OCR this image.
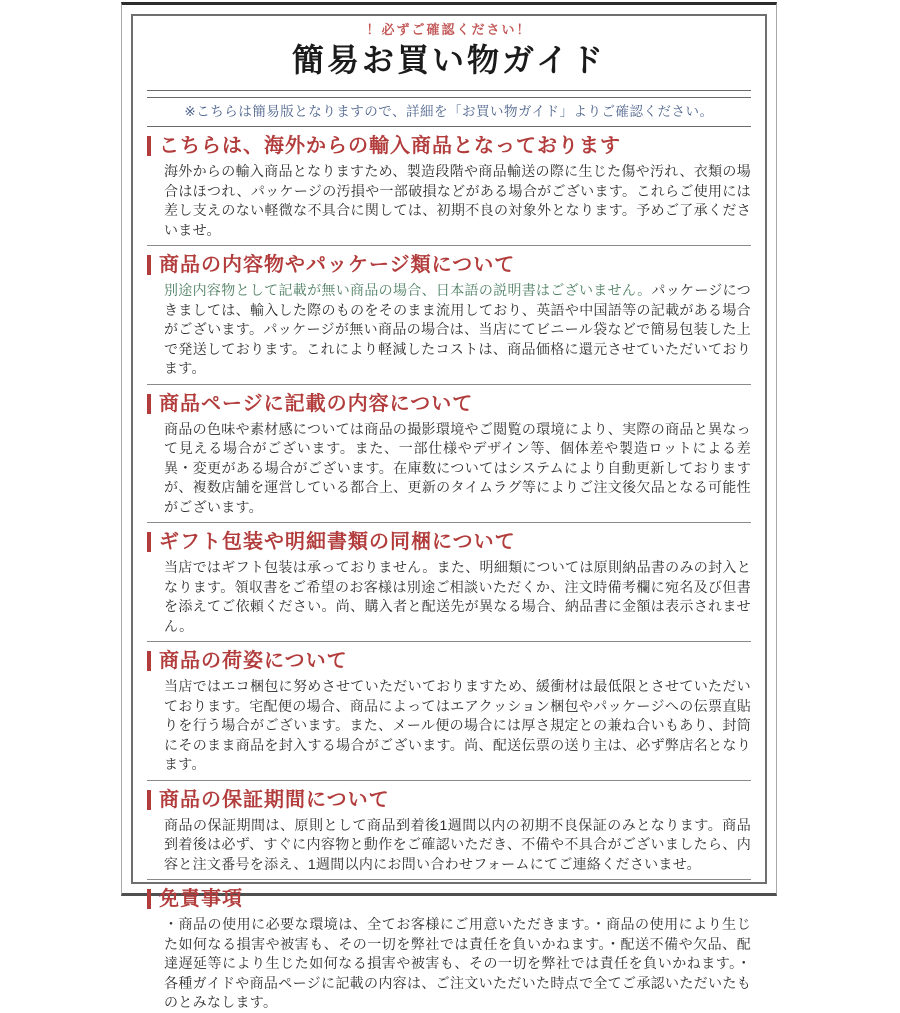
！必ずご確認ください！
簡易お買い物ガイド
※こちらは簡易版となりますので、詳細を「お買い物ガイド」よりご確認ください。
こちらは、海外からの輸入商品となっております
海外からの輸入商品となりますため、製造段階や商品輸送の際に生じた傷や汚れ、衣類の場合はほつれ、パッケージの汚損や一部破損などがある場合がございます。これらご使用には差し支えのない軽微な不具合に関しては、初期不良の対象外となります。予めご了承くださいませ。
商品の内容物やパッケージ類について
別途内容物として記載が無い商品の場合、日本語の説明書はございません。パッケージにつきましては、輸入した際のものをそのまま流用しており、英語や中国語等の記載がある場合がございます。パッケージが無い商品の場合は、当店にてビニール袋などで簡易包装した上で発送しております。これにより軽減したコストは、商品価格に還元させていただいております。
商品ページに記載の内容について
商品の色味や素材感については商品の撮影環境やご閲覧の環境により、実際の商品と異なって見える場合がございます。また、一部仕様やデザイン等、個体差や製造ロットによる差異・変更がある場合がございます。在庫数についてはシステムにより自動更新しておりますが、複数店舗を運営している都合上、更新のタイムラグ等によりご注文後欠品となる可能性がございます。
ギフト包装や明細書類の同梱について
当店ではギフト包装は承っておりません。また、明細類については原則納品書のみの封入となります。領収書をご希望のお客様は別途ご相談いただくか、注文時備考欄に宛名及び但書を添えてご依頼ください。尚、購入者と配送先が異なる場合、納品書に金額は表示されません。
商品の荷姿について
当店ではエコ梱包に努めさせていただいておりますため、緩衝材は最低限とさせていただいております。宅配便の場合、商品によってはエアクッション梱包やパッケージへの伝票直貼りを行う場合がございます。また、メール便の場合には厚さ規定との兼ね合いもあり、封筒にそのまま商品を封入する場合がございます。尚、配送伝票の送り主は、必ず弊店名となります。
商品の保証期間について
商品の保証期間は、原則として商品到着後1週間以内の初期不良保証のみとなります。商品到着後は必ず、すぐに内容物と動作をご確認いただき、不備や不具合がございましたら、内容と注文番号を添え、1週間以内にお問い合わせフォームにてご連絡くださいませ。
免責事項
・商品の使用に必要な環境は、全てお客様にご用意いただきます。・商品の使用により生じた如何なる損害や被害も、その一切を弊社では責任を負いかねます。・配送不備や欠品、配達遅延等により生じた如何なる損害や被害も、その一切を弊社では責任を負いかねます。・各種ガイドや商品ページに記載の内容は、ご注文いただいた時点で全てご承認いただいたものとみなします。
